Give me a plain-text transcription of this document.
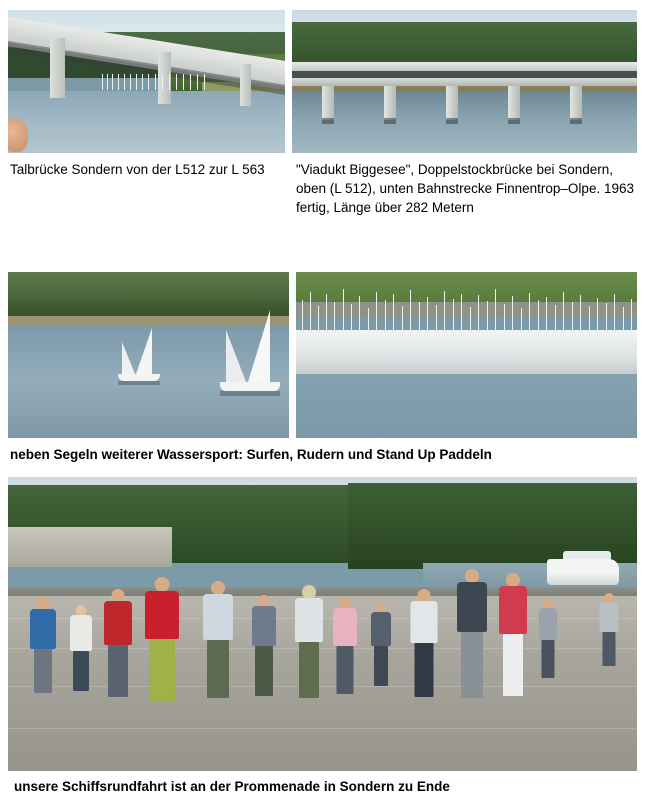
Talbrücke Sondern von der L512 zur L 563	"Viadukt Biggesee", Doppelstockbrücke bei Sondern, oben (L 512), unten Bahnstrecke Finnentrop–Olpe. 1963 fertig, Länge über 282 Metern
neben Segeln weiterer Wassersport: Surfen, Rudern und Stand Up Paddeln
unsere Schiffsrundfahrt ist an der Prommenade in Sondern zu Ende
